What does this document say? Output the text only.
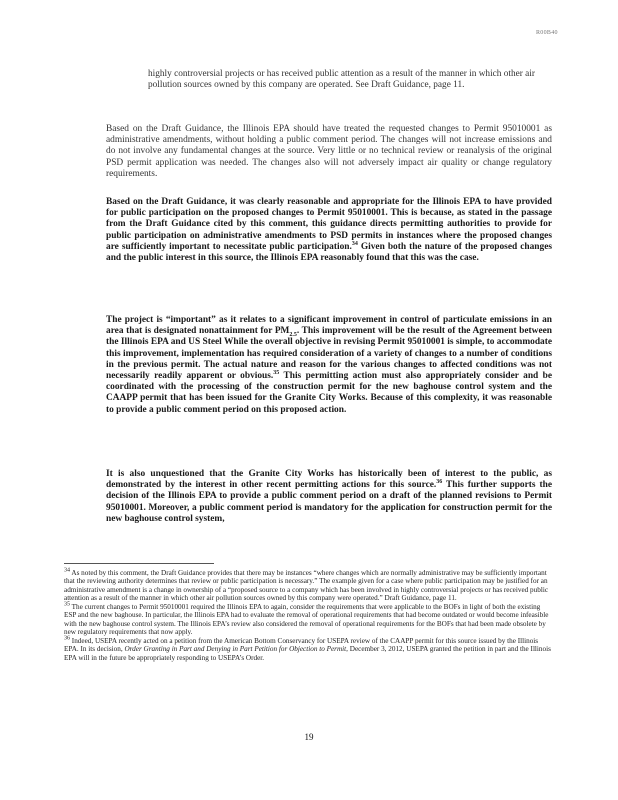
R00B40
highly controversial projects or has received public attention as a result of the manner in which other air pollution sources owned by this company are operated. See Draft Guidance, page 11.
Based on the Draft Guidance, the Illinois EPA should have treated the requested changes to Permit 95010001 as administrative amendments, without holding a public comment period. The changes will not increase emissions and do not involve any fundamental changes at the source. Very little or no technical review or reanalysis of the original PSD permit application was needed. The changes also will not adversely impact air quality or change regulatory requirements.
Based on the Draft Guidance, it was clearly reasonable and appropriate for the Illinois EPA to have provided for public participation on the proposed changes to Permit 95010001. This is because, as stated in the passage from the Draft Guidance cited by this comment, this guidance directs permitting authorities to provide for public participation on administrative amendments to PSD permits in instances where the proposed changes are sufficiently important to necessitate public participation.$^{34}$ Given both the nature of the proposed changes and the public interest in this source, the Illinois EPA reasonably found that this was the case.
The project is “important” as it relates to a significant improvement in control of particulate emissions in an area that is designated nonattainment for $PM_{2.5}$. This improvement will be the result of the Agreement between the Illinois EPA and US Steel While the overall objective in revising Permit 95010001 is simple, to accommodate this improvement, implementation has required consideration of a variety of changes to a number of conditions in the previous permit. The actual nature and reason for the various changes to affected conditions was not necessarily readily apparent or obvious.$^{35}$ This permitting action must also appropriately consider and be coordinated with the processing of the construction permit for the new baghouse control system and the CAAPP permit that has been issued for the Granite City Works. Because of this complexity, it was reasonable to provide a public comment period on this proposed action.
It is also unquestioned that the Granite City Works has historically been of interest to the public, as demonstrated by the interest in other recent permitting actions for this source.$^{36}$ This further supports the decision of the Illinois EPA to provide a public comment period on a draft of the planned revisions to Permit 95010001. Moreover, a public comment period is mandatory for the application for construction permit for the new baghouse control system,

$^{34}$ As noted by this comment, the Draft Guidance provides that there may be instances “where changes which are normally administrative may be sufficiently important that the reviewing authority determines that review or public participation is necessary.” The example given for a case where public participation may be justified for an administrative amendment is a change in ownership of a “proposed source to a company which has been involved in highly controversial projects or has received public attention as a result of the manner in which other air pollution sources owned by this company were operated.” Draft Guidance, page 11.

$^{35}$ The current changes to Permit 95010001 required the Illinois EPA to again, consider the requirements that were applicable to the BOFs in light of both the existing ESP and the new baghouse. In particular, the Illinois EPA had to evaluate the removal of operational requirements that had become outdated or would become infeasible with the new baghouse control system. The Illinois EPA’s review also considered the removal of operational requirements for the BOFs that had been made obsolete by new regulatory requirements that now apply.

$^{36}$ Indeed, USEPA recently acted on a petition from the American Bottom Conservancy for USEPA review of the CAAPP permit for this source issued by the Illinois EPA. In its decision, Order Granting in Part and Denying in Part Petition for Objection to Permit, December 3, 2012, USEPA granted the petition in part and the Illinois EPA will in the future be appropriately responding to USEPA’s Order.

19
